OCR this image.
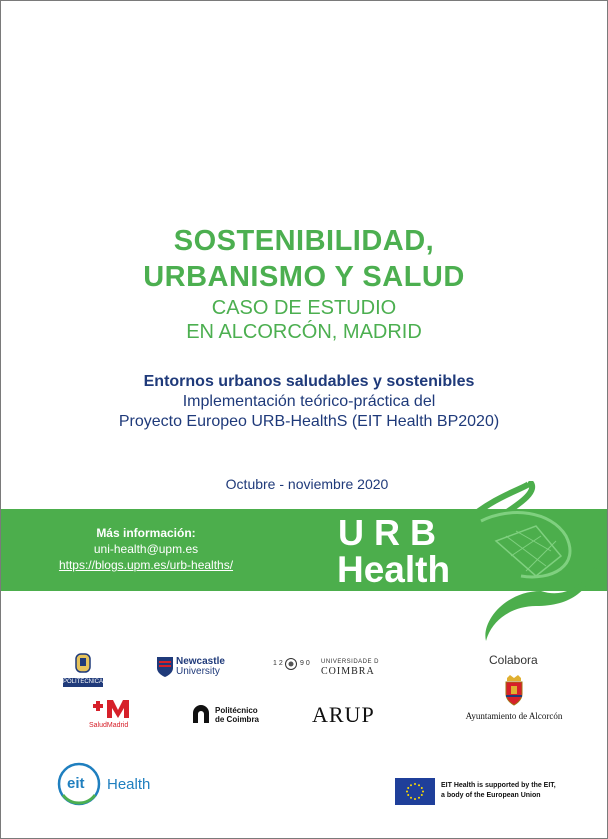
SOSTENIBILIDAD,
URBANISMO Y SALUD
CASO DE ESTUDIO
EN ALCORCÓN, MADRID
Entornos urbanos saludables y sostenibles
Implementación teórico-práctica del
Proyecto Europeo URB-HealthS (EIT Health BP2020)
Octubre - noviembre 2020
Más información:
uni-health@upm.es
https://blogs.upm.es/urb-healths/
URB
Health
POLITÉCNICA
Newcastle
University
1 2 9 0 UNIVERSIDADE D
COIMBRA
Colabora
SaludMadrid
Politécnico
de Coimbra ARUP	Ayuntamiento de Alcorcón
eit Health	EIT Health is supported by the EIT,
a body of the European Union
